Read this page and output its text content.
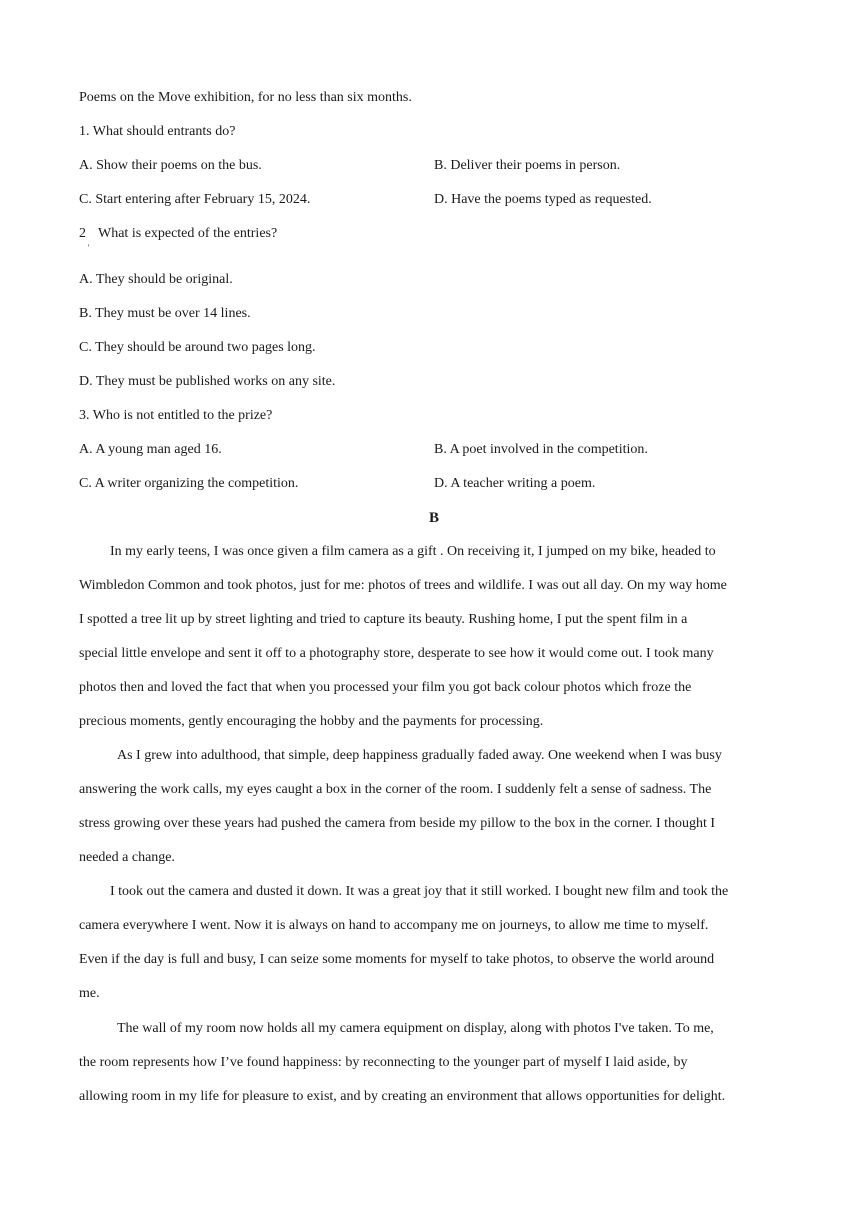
Poems on the Move exhibition, for no less than six months.
1. What should entrants do?
A. Show their poems on the bus.	B. Deliver their poems in person.
C. Start entering after February 15, 2024.	D. Have the poems typed as requested.
2 What is expected of the entries?
'
A. They should be original.
B. They must be over 14 lines.
C. They should be around two pages long.
D. They must be published works on any site.
3. Who is not entitled to the prize?
A. A young man aged 16.	B. A poet involved in the competition.
C. A writer organizing the competition.	D. A teacher writing a poem.
B
In my early teens, I was once given a film camera as a gift . On receiving it, I jumped on my bike, headed to
Wimbledon Common and took photos, just for me: photos of trees and wildlife. I was out all day. On my way home
I spotted a tree lit up by street lighting and tried to capture its beauty. Rushing home, I put the spent film in a
special little envelope and sent it off to a photography store, desperate to see how it would come out. I took many
photos then and loved the fact that when you processed your film you got back colour photos which froze the
precious moments, gently encouraging the hobby and the payments for processing.
As I grew into adulthood, that simple, deep happiness gradually faded away. One weekend when I was busy
answering the work calls, my eyes caught a box in the corner of the room. I suddenly felt a sense of sadness. The
stress growing over these years had pushed the camera from beside my pillow to the box in the corner. I thought I
needed a change.
I took out the camera and dusted it down. It was a great joy that it still worked. I bought new film and took the
camera everywhere I went. Now it is always on hand to accompany me on journeys, to allow me time to myself.
Even if the day is full and busy, I can seize some moments for myself to take photos, to observe the world around
me.
The wall of my room now holds all my camera equipment on display, along with photos I've taken. To me,
the room represents how I’ve found happiness: by reconnecting to the younger part of myself I laid aside, by
allowing room in my life for pleasure to exist, and by creating an environment that allows opportunities for delight.
